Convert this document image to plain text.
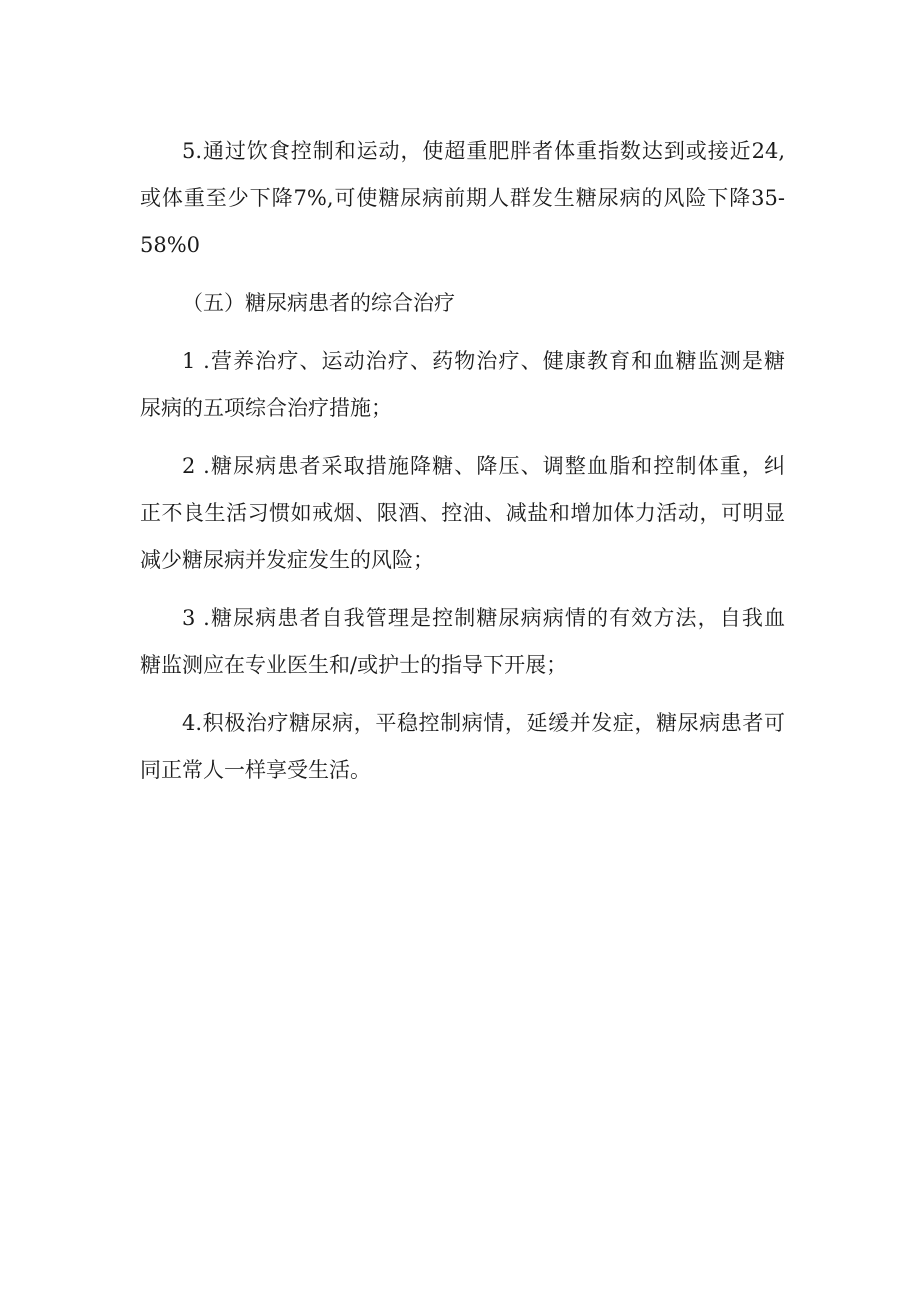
5.通过饮食控制和运动，使超重肥胖者体重指数达到或接近24,
或体重至少下降7%,可使糖尿病前期人群发生糖尿病的风险下降35-
58%0
（五）糖尿病患者的综合治疗
1 .营养治疗、运动治疗、药物治疗、健康教育和血糖监测是糖
尿病的五项综合治疗措施；
2 .糖尿病患者采取措施降糖、降压、调整血脂和控制体重，纠
正不良生活习惯如戒烟、限酒、控油、减盐和增加体力活动，可明显
减少糖尿病并发症发生的风险；
3 .糖尿病患者自我管理是控制糖尿病病情的有效方法，自我血
糖监测应在专业医生和/或护士的指导下开展；
4.积极治疗糖尿病，平稳控制病情，延缓并发症，糖尿病患者可
同正常人一样享受生活。
